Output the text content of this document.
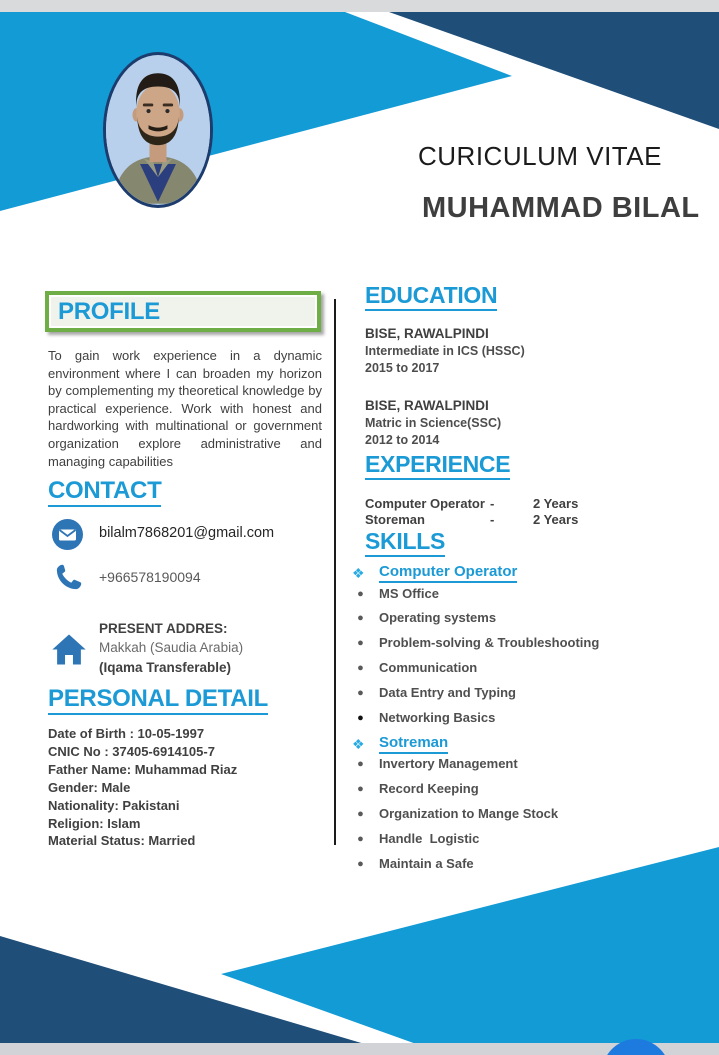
CURICULUM VITAE
MUHAMMAD BILAL
PROFILE
To gain work experience in a dynamic environment where I can broaden my horizon by complementing my theoretical knowledge by practical experience. Work with honest and hardworking with multinational or government organization explore administrative and managing capabilities
CONTACT
bilalm7868201@gmail.com
+966578190094
PRESENT ADDRES:
Makkah (Saudia Arabia)
(Iqama Transferable)
PERSONAL DETAIL
Date of Birth : 10-05-1997
CNIC No : 37405-6914105-7
Father Name: Muhammad Riaz
Gender: Male
Nationality: Pakistani
Religion: Islam
Material Status: Married
EDUCATION
BISE, RAWALPINDI
Intermediate in ICS (HSSC)
2015 to 2017
BISE, RAWALPINDI
Matric in Science(SSC)
2012 to 2014
EXPERIENCE
Computer Operator -	2 Years
Storeman	-	2 Years
SKILLS
❖ Computer Operator
●	MS Office
●	Operating systems
●	Problem-solving & Troubleshooting
●	Communication
●	Data Entry and Typing
●	Networking Basics
❖ Sotreman
●	Invertory Management
●	Record Keeping
●	Organization to Mange Stock
●	Handle  Logistic
●	Maintain a Safe
